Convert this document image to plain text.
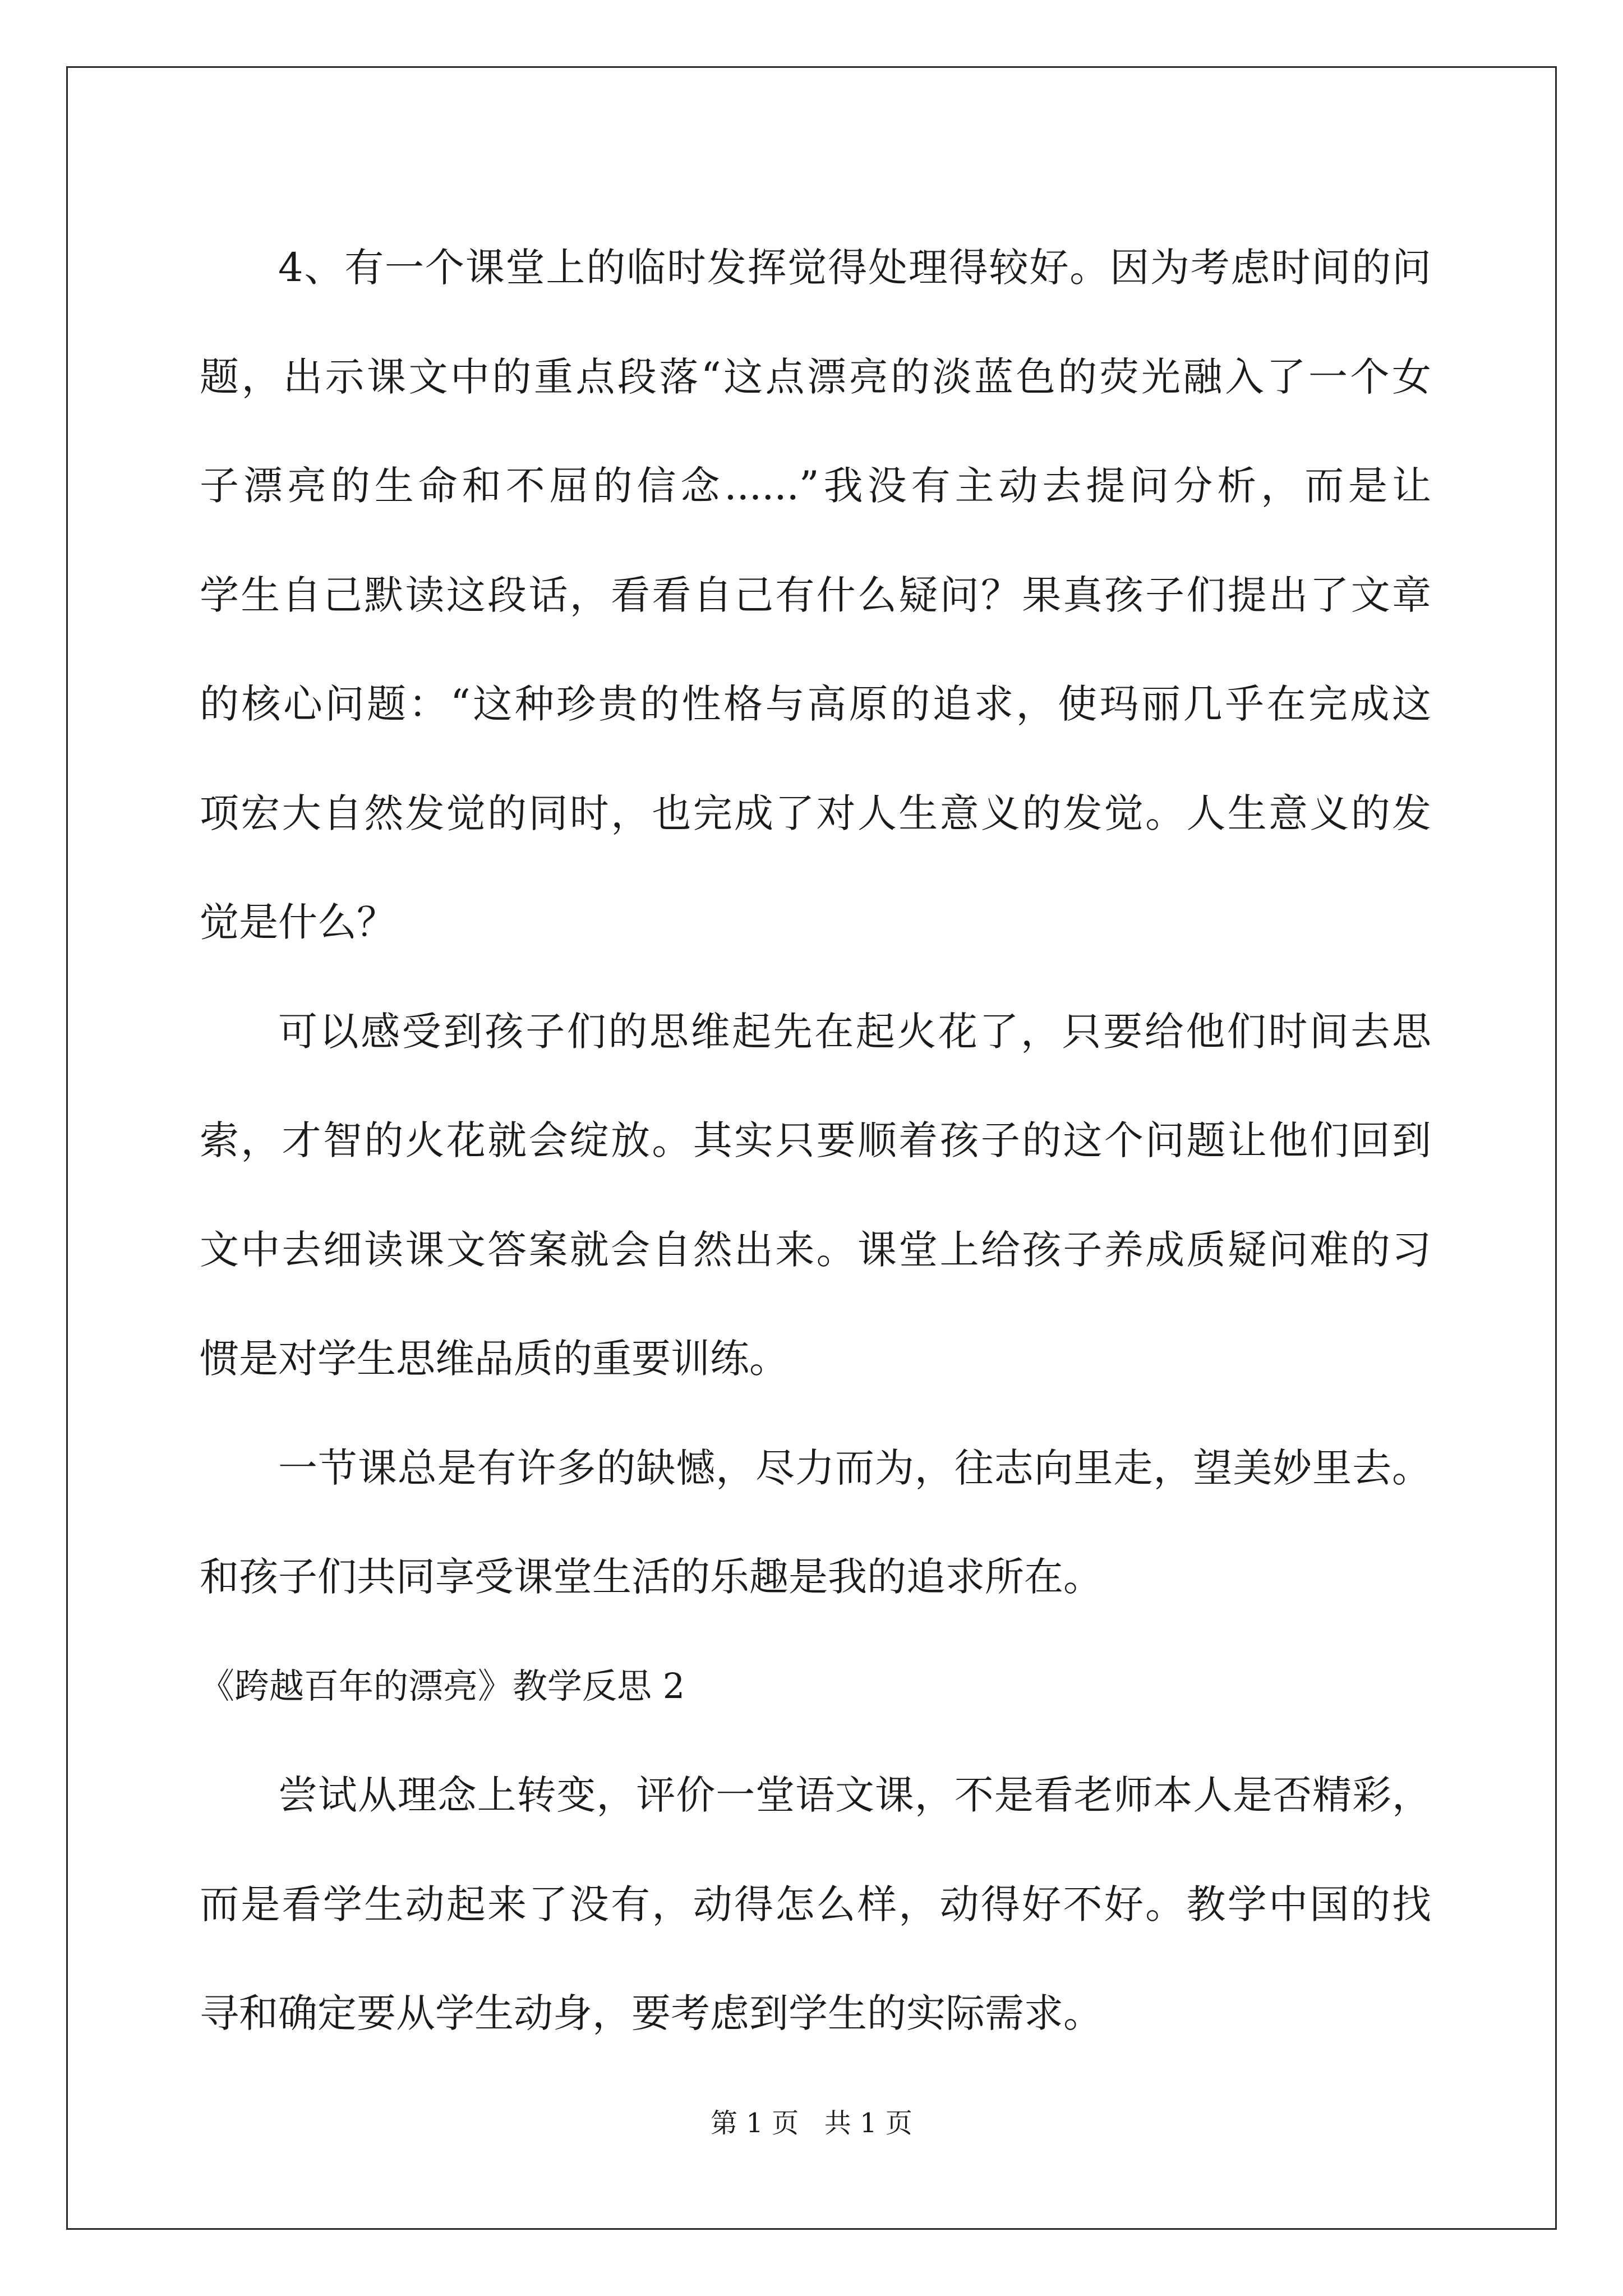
4、有一个课堂上的临时发挥觉得处理得较好。因为考虑时间的问
题，出示课文中的重点段落“这点漂亮的淡蓝色的荧光融入了一个女
子漂亮的生命和不屈的信念......”我没有主动去提问分析，而是让
学生自己默读这段话，看看自己有什么疑问？果真孩子们提出了文章
的核心问题：“这种珍贵的性格与高原的追求，使玛丽几乎在完成这
项宏大自然发觉的同时，也完成了对人生意义的发觉。人生意义的发
觉是什么？
可以感受到孩子们的思维起先在起火花了，只要给他们时间去思
索，才智的火花就会绽放。其实只要顺着孩子的这个问题让他们回到
文中去细读课文答案就会自然出来。课堂上给孩子养成质疑问难的习
惯是对学生思维品质的重要训练。
一节课总是有许多的缺憾，尽力而为，往志向里走，望美妙里去。
和孩子们共同享受课堂生活的乐趣是我的追求所在。
《跨越百年的漂亮》教学反思 2
尝试从理念上转变，评价一堂语文课，不是看老师本人是否精彩，
而是看学生动起来了没有，动得怎么样，动得好不好。教学中国的找
寻和确定要从学生动身，要考虑到学生的实际需求。
第 1 页   共 1 页
